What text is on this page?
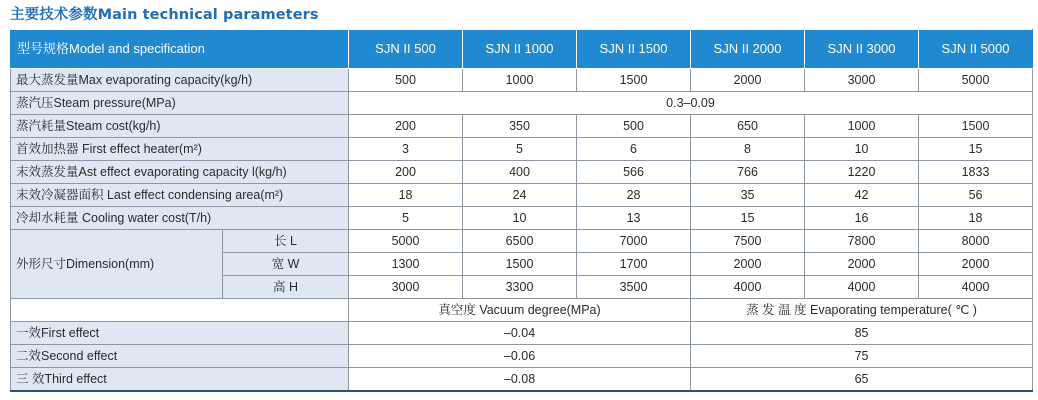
主要技术参数Main technical parameters
型号规格Model and specification		SJN II 500	SJN II 1000	SJN II 1500	SJN II 2000	SJN II 3000	SJN II 5000
最大蒸发量Max evaporating capacity(kg/h)		500	1000	1500	2000	3000	5000
蒸汽压Steam pressure(MPa)		0.3–0.09					
蒸汽耗量Steam cost(kg/h)		200	350	500	650	1000	1500
首效加热器 First effect heater(m²)		3	5	6	8	10	15
末效蒸发量Ast effect evaporating capacity l(kg/h)		200	400	566	766	1220	1833
末效冷凝器面积 Last effect condensing area(m²)		18	24	28	35	42	56
冷却水耗量 Cooling water cost(T/h)		5	10	13	15	16	18
外形尺寸Dimension(mm)	长 L	5000	6500	7000	7500	7800	8000
	宽 W	1300	1500	1700	2000	2000	2000
	高 H	3000	3300	3500	4000	4000	4000
		真空度 Vacuum degree(MPa)			蒸 发 温 度 Evaporating temperature( ℃ )		
一效First effect		–0.04			85		
二效Second effect		–0.06			75		
三 效Third effect		–0.08			65		
